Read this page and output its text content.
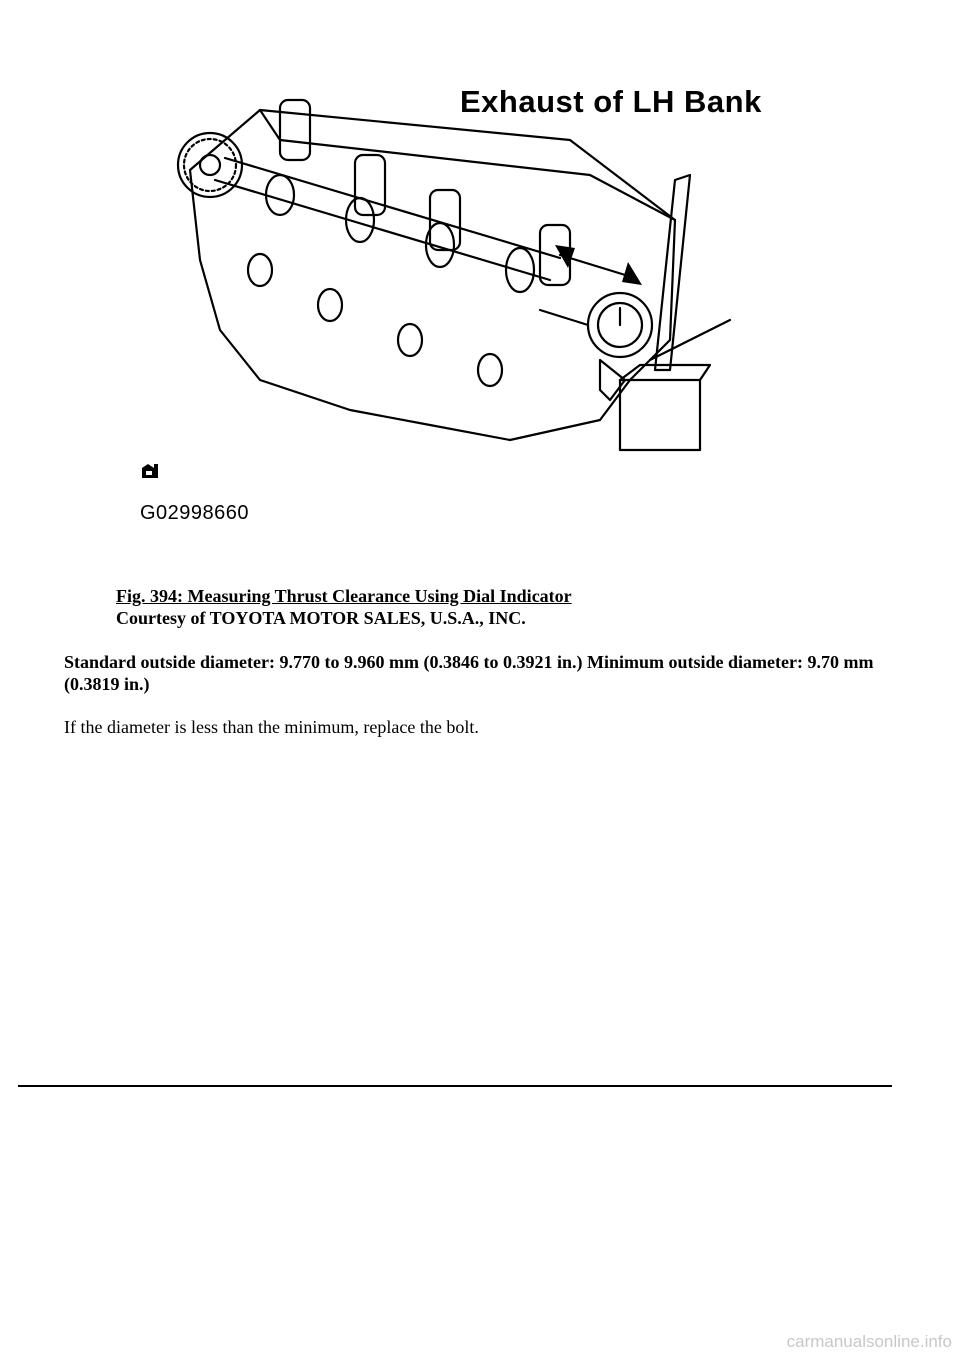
Exhaust of LH Bank
G02998660
Fig. 394: Measuring Thrust Clearance Using Dial Indicator
Courtesy of TOYOTA MOTOR SALES, U.S.A., INC.
Standard outside diameter: 9.770 to 9.960 mm (0.3846 to 0.3921 in.) Minimum outside diameter: 9.70 mm (0.3819 in.)
If the diameter is less than the minimum, replace the bolt.
carmanualsonline.info
